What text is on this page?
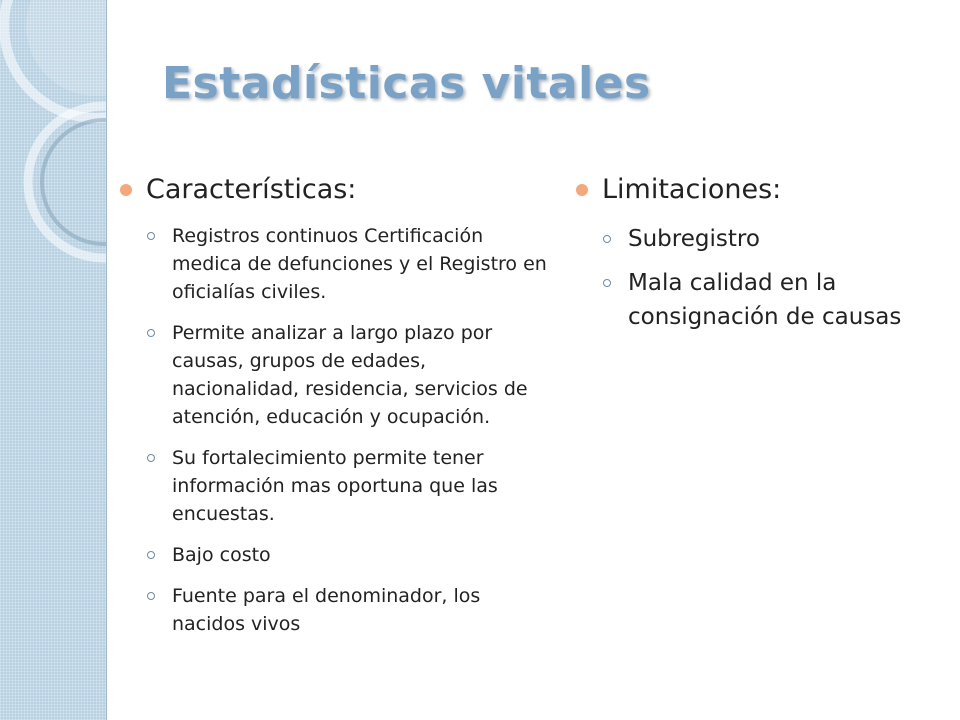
Estadísticas vitales
Características:
Registros continuos Certificación medica de defunciones y el Registro en oficialías civiles.
Permite analizar a largo plazo por causas, grupos de edades, nacionalidad, residencia, servicios de atención, educación y ocupación.
Su fortalecimiento permite tener información mas oportuna que las encuestas.
Bajo costo
Fuente para el denominador, los nacidos vivos
Limitaciones:
Subregistro
Mala calidad en la consignación de causas
